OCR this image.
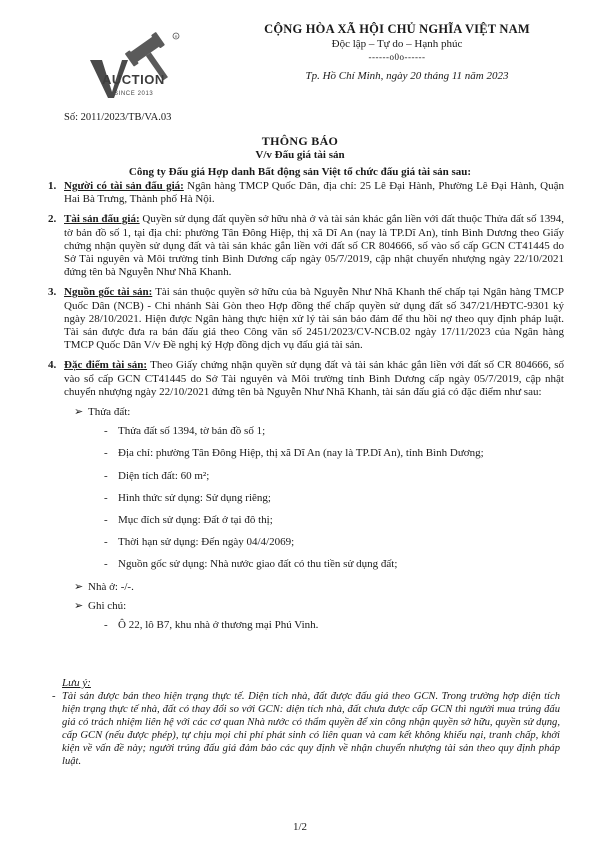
R
AUCTION
SINCE 2013
Số: 2011/2023/TB/VA.03
CỘNG HÒA XÃ HỘI CHỦ NGHĨA VIỆT NAM
Độc lập – Tự do – Hạnh phúc
------o0o------
Tp. Hồ Chí Minh, ngày 20 tháng 11 năm 2023
THÔNG BÁO
V/v Đấu giá tài sản
Công ty Đấu giá Hợp danh Bất động sản Việt tổ chức đấu giá tài sản sau:
1. Người có tài sản đấu giá: Ngân hàng TMCP Quốc Dân, địa chỉ: 25 Lê Đại Hành, Phường Lê Đại Hành, Quận Hai Bà Trưng, Thành phố Hà Nội.
2. Tài sản đấu giá: Quyền sử dụng đất quyền sở hữu nhà ở và tài sản khác gắn liền với đất thuộc Thửa đất số 1394, tờ bản đồ số 1, tại địa chỉ: phường Tân Đông Hiệp, thị xã Dĩ An (nay là TP.Dĩ An), tỉnh Bình Dương theo Giấy chứng nhận quyền sử dụng đất và tài sản khác gắn liền với đất số CR 804666, số vào sổ cấp GCN CT41445 do Sở Tài nguyên và Môi trường tỉnh Bình Dương cấp ngày 05/7/2019, cập nhật chuyển nhượng ngày 22/10/2021 đứng tên bà Nguyễn Như Nhã Khanh.
3. Nguồn gốc tài sản: Tài sản thuộc quyền sở hữu của bà Nguyễn Như Nhã Khanh thế chấp tại Ngân hàng TMCP Quốc Dân (NCB) - Chi nhánh Sài Gòn theo Hợp đồng thế chấp quyền sử dụng đất số 347/21/HĐTC-9301 ký ngày 28/10/2021. Hiện được Ngân hàng thực hiện xử lý tài sản bảo đảm để thu hồi nợ theo quy định pháp luật. Tài sản được đưa ra bán đấu giá theo Công văn số 2451/2023/CV-NCB.02 ngày 17/11/2023 của Ngân hàng TMCP Quốc Dân V/v Đề nghị ký Hợp đồng dịch vụ đấu giá tài sản.
4. Đặc điểm tài sản: Theo Giấy chứng nhận quyền sử dụng đất và tài sản khác gắn liền với đất số CR 804666, số vào sổ cấp GCN CT41445 do Sở Tài nguyên và Môi trường tỉnh Bình Dương cấp ngày 05/7/2019, cập nhật chuyển nhượng ngày 22/10/2021 đứng tên bà Nguyễn Như Nhã Khanh, tài sản đấu giá có đặc điểm như sau:
➢ Thửa đất:
- Thửa đất số 1394, tờ bản đồ số 1;
- Địa chỉ: phường Tân Đông Hiệp, thị xã Dĩ An (nay là TP.Dĩ An), tỉnh Bình Dương;
- Diện tích đất: 60 m²;
- Hình thức sử dụng: Sử dụng riêng;
- Mục đích sử dụng: Đất ở tại đô thị;
- Thời hạn sử dụng: Đến ngày 04/4/2069;
- Nguồn gốc sử dụng: Nhà nước giao đất có thu tiền sử dụng đất;
➢ Nhà ở: -/-.
➢ Ghi chú:
- Ô 22, lô B7, khu nhà ở thương mại Phú Vinh.
Lưu ý:
- Tài sản được bán theo hiện trạng thực tế. Diện tích nhà, đất được đấu giá theo GCN. Trong trường hợp diện tích hiện trạng thực tế nhà, đất có thay đổi so với GCN: diện tích nhà, đất chưa được cấp GCN thì người mua trúng đấu giá có trách nhiệm liên hệ với các cơ quan Nhà nước có thẩm quyền để xin công nhận quyền sở hữu, quyền sử dụng, cấp GCN (nếu được phép), tự chịu mọi chi phí phát sinh có liên quan và cam kết không khiếu nại, tranh chấp, khởi kiện về vấn đề này; người trúng đấu giá đảm bảo các quy định về nhận chuyển nhượng tài sản theo quy định pháp luật.
1/2
